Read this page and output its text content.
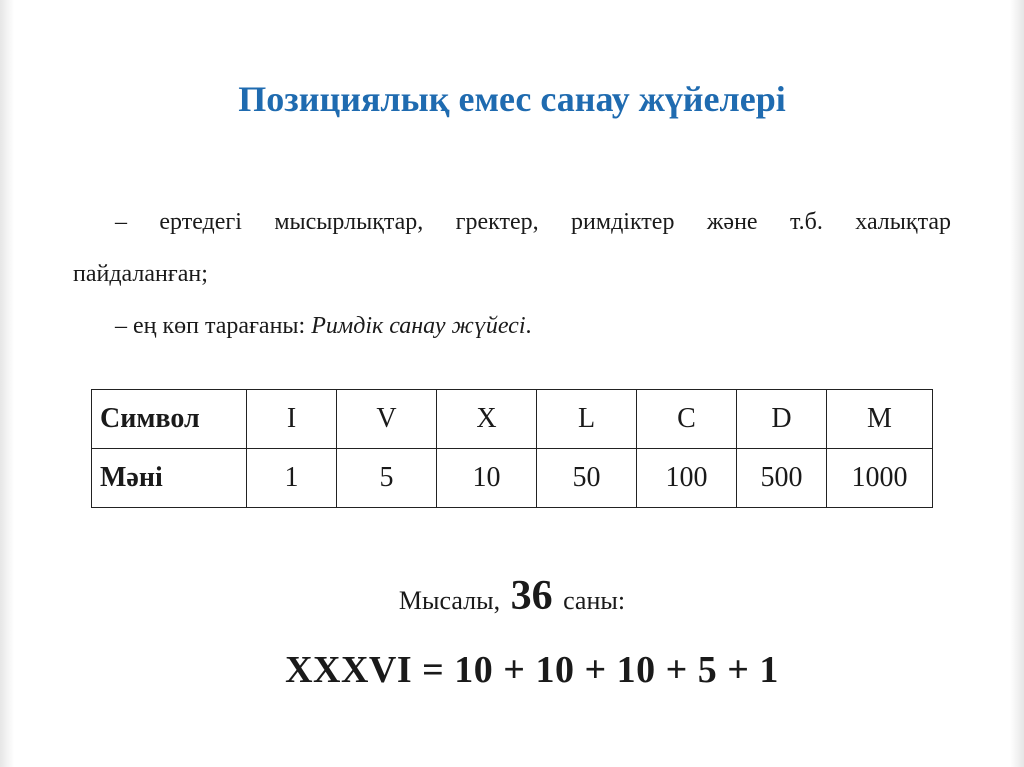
Позициялық емес санау жүйелері

– ертедегі мысырлықтар, гректер, римдіктер және т.б. халықтар пайдаланған;

– ең көп тарағаны: Римдік санау жүйесі.

Символ	I	V	X	L	C	D	M
Мәні	1	5	10	50	100	500	1000
Мысалы, 36 саны:
XXXVI = 10 + 10 + 10 + 5 + 1
